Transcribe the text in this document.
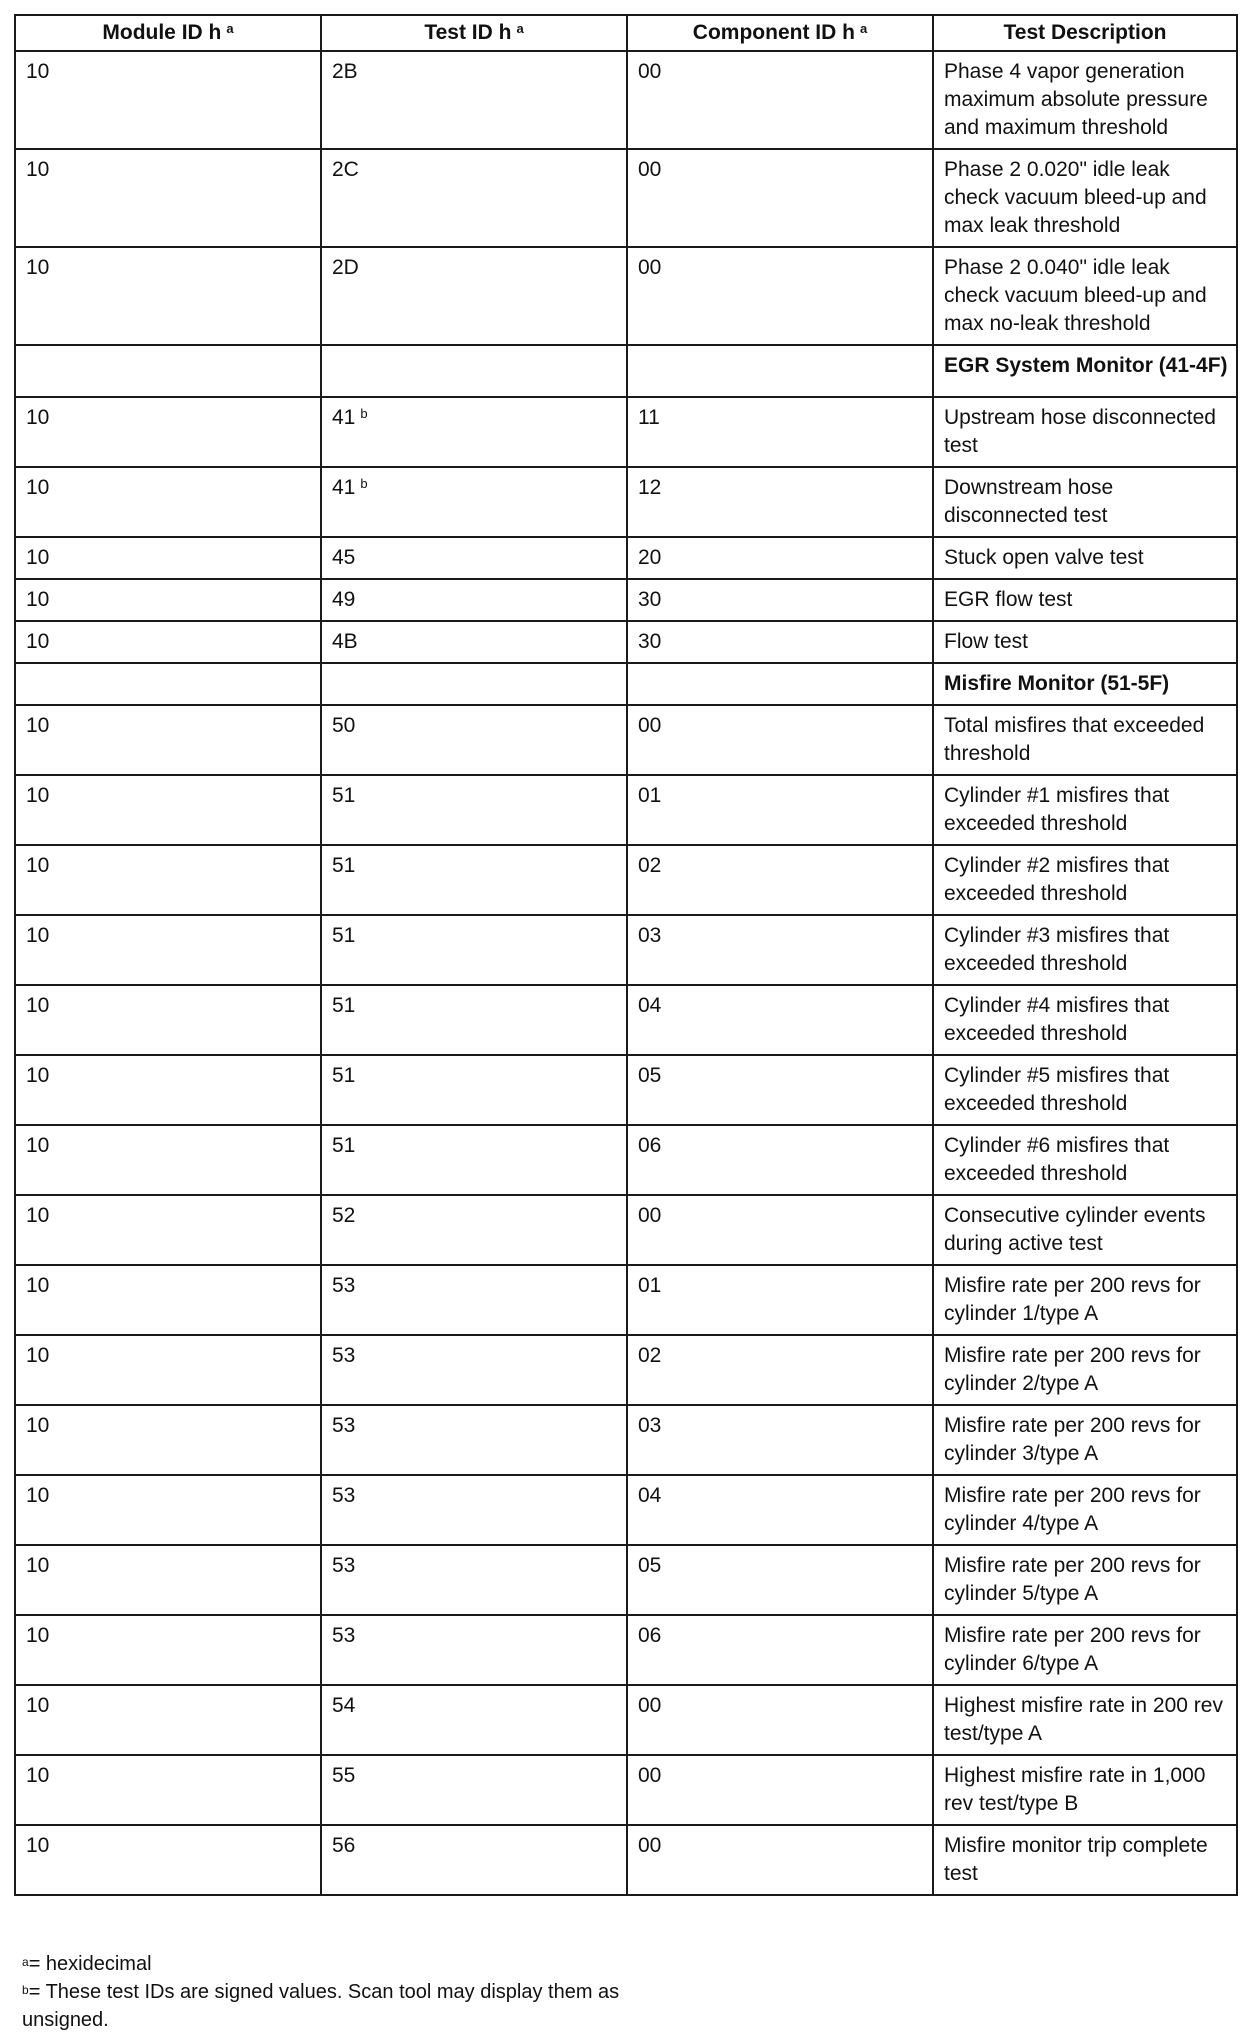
Module ID h $^a$	Test ID h $^a$	Component ID h $^a$	Test Description
10	2B	00	Phase 4 vapor generation maximum absolute pressure and maximum threshold
10	2C	00	Phase 2 0.020" idle leak check vacuum bleed-up and max leak threshold
10	2D	00	Phase 2 0.040" idle leak check vacuum bleed-up and max no-leak threshold
			EGR System Monitor (41-4F)
10	41 $^b$	11	Upstream hose disconnected test
10	41 $^b$	12	Downstream hose disconnected test
10	45	20	Stuck open valve test
10	49	30	EGR flow test
10	4B	30	Flow test
			Misfire Monitor (51-5F)
10	50	00	Total misfires that exceeded threshold
10	51	01	Cylinder #1 misfires that exceeded threshold
10	51	02	Cylinder #2 misfires that exceeded threshold
10	51	03	Cylinder #3 misfires that exceeded threshold
10	51	04	Cylinder #4 misfires that exceeded threshold
10	51	05	Cylinder #5 misfires that exceeded threshold
10	51	06	Cylinder #6 misfires that exceeded threshold
10	52	00	Consecutive cylinder events during active test
10	53	01	Misfire rate per 200 revs for cylinder 1/type A
10	53	02	Misfire rate per 200 revs for cylinder 2/type A
10	53	03	Misfire rate per 200 revs for cylinder 3/type A
10	53	04	Misfire rate per 200 revs for cylinder 4/type A
10	53	05	Misfire rate per 200 revs for cylinder 5/type A
10	53	06	Misfire rate per 200 revs for cylinder 6/type A
10	54	00	Highest misfire rate in 200 rev test/type A
10	55	00	Highest misfire rate in 1,000 rev test/type B
10	56	00	Misfire monitor trip complete test
$^a$= hexidecimal
$^b$= These test IDs are signed values. Scan tool may display them as unsigned.
